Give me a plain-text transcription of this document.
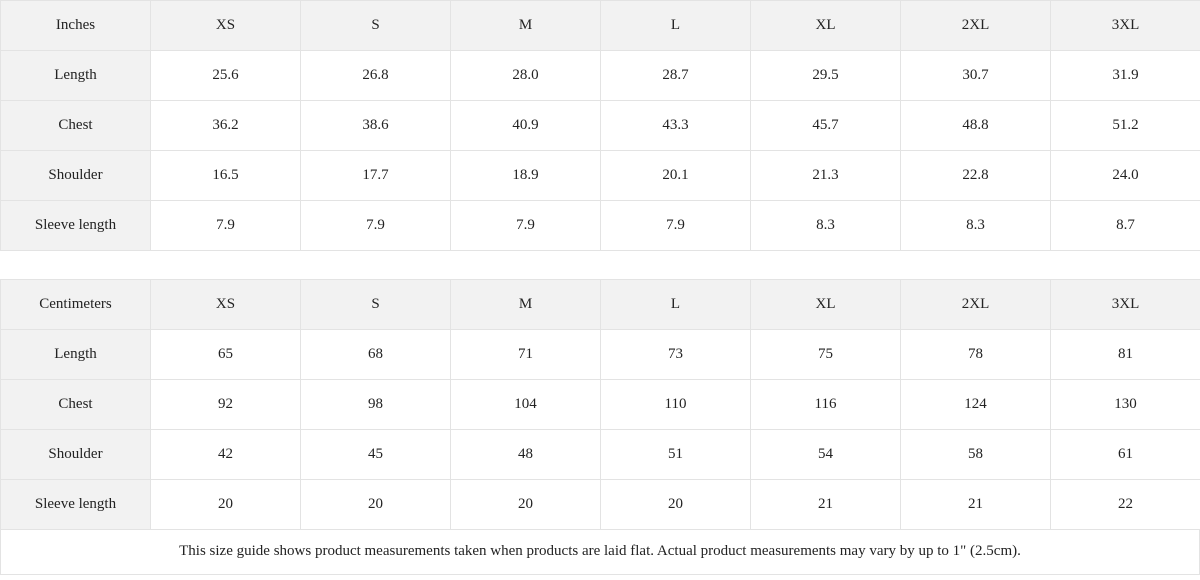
Inches	XS	S	M	L	XL	2XL	3XL
Length	25.6	26.8	28.0	28.7	29.5	30.7	31.9
Chest	36.2	38.6	40.9	43.3	45.7	48.8	51.2
Shoulder	16.5	17.7	18.9	20.1	21.3	22.8	24.0
Sleeve length	7.9	7.9	7.9	7.9	8.3	8.3	8.7
Centimeters	XS	S	M	L	XL	2XL	3XL
Length	65	68	71	73	75	78	81
Chest	92	98	104	110	116	124	130
Shoulder	42	45	48	51	54	58	61
Sleeve length	20	20	20	20	21	21	22
This size guide shows product measurements taken when products are laid flat. Actual product measurements may vary by up to 1" (2.5cm).
